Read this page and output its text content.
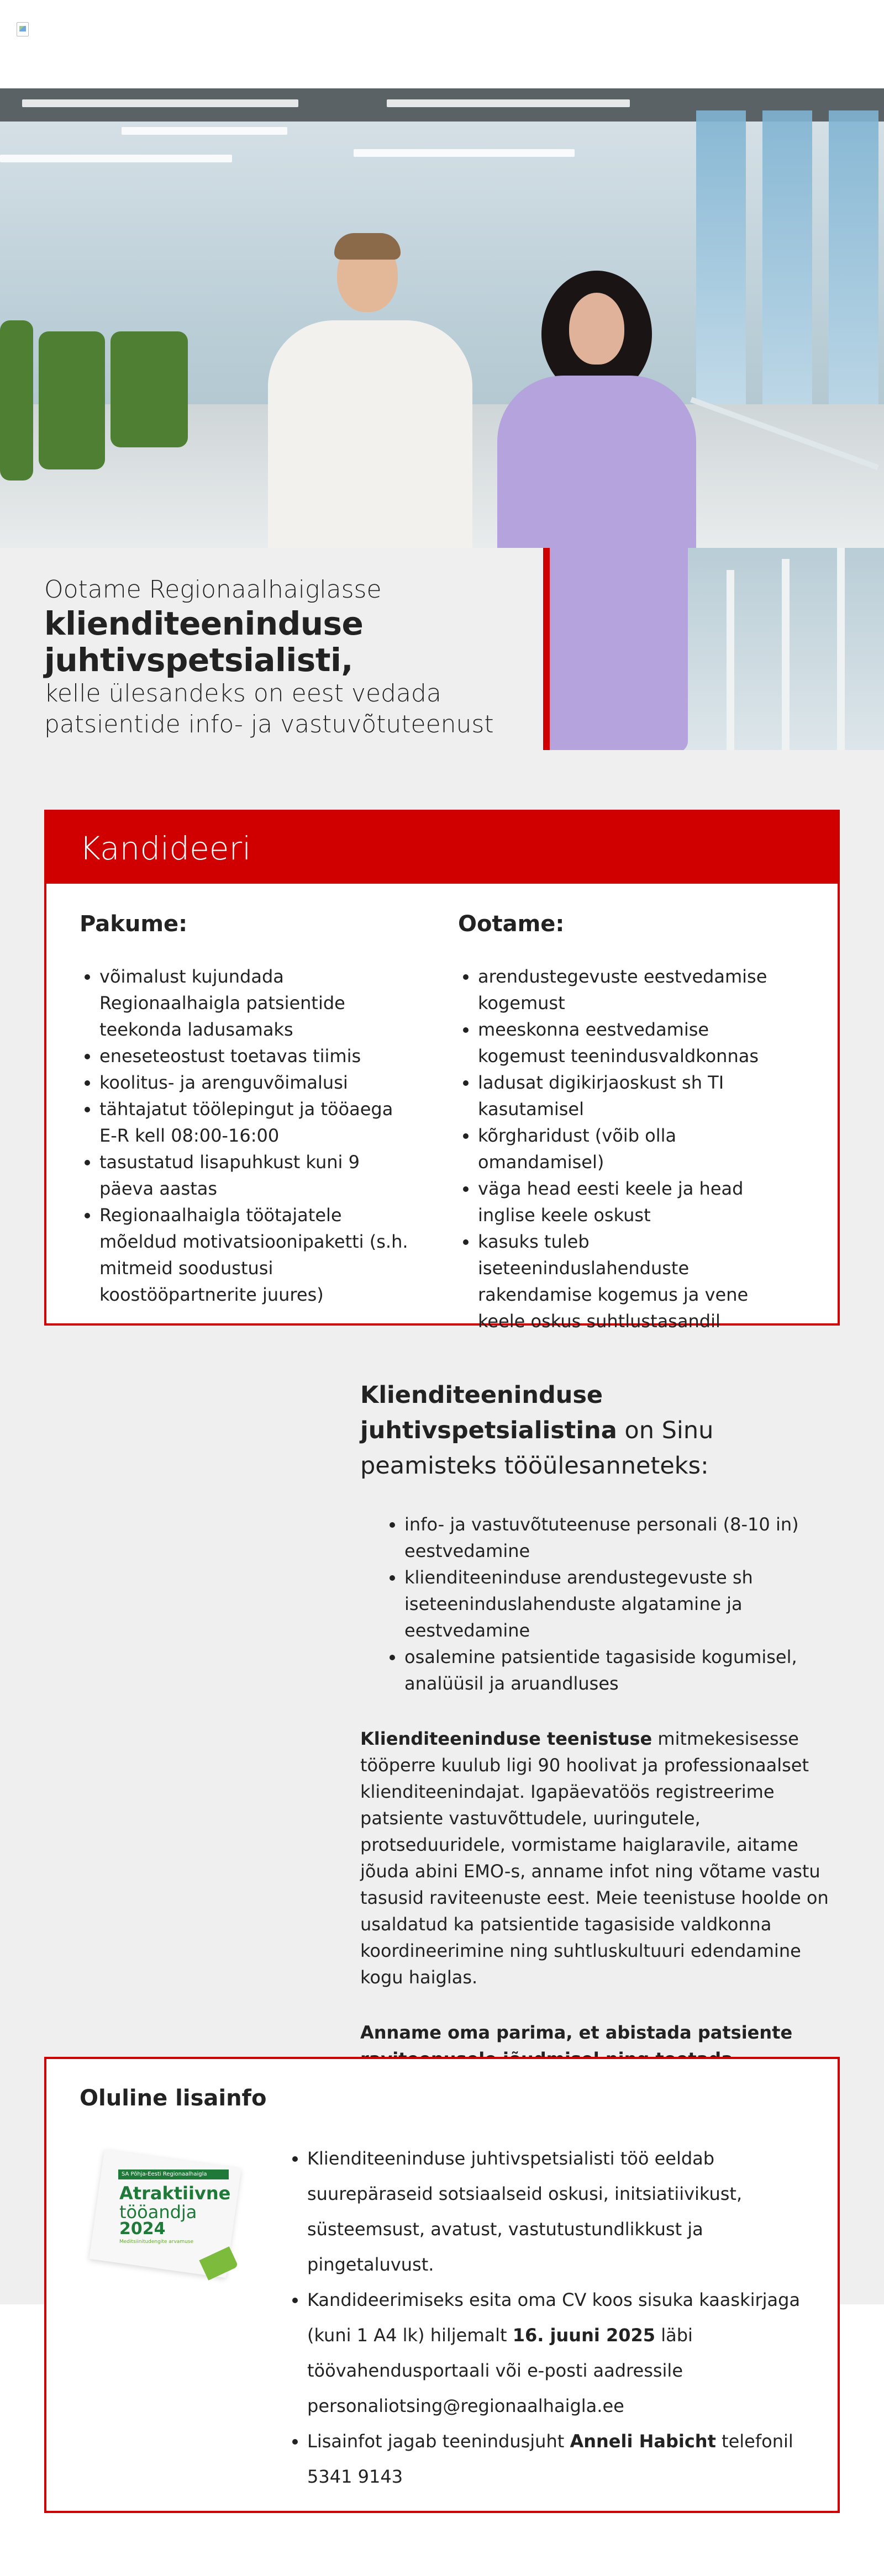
Ootame Regionaalhaiglasse
klienditeeninduse
juhtivspetsialisti,
kelle ülesandeks on eest vedada
patsientide info- ja vastuvõtuteenust
Kandideeri
Pakume:
• võimalust kujundada Regionaalhaigla patsientide teekonda ladusamaks
• eneseteostust toetavas tiimis
• koolitus- ja arenguvõimalusi
• tähtajatut töölepingut ja tööaega E-R kell 08:00-16:00
• tasustatud lisapuhkust kuni 9 päeva aastas
• Regionaalhaigla töötajatele mõeldud motivatsioonipaketti (s.h. mitmeid soodustusi koostööpartnerite juures)
Ootame:
• arendustegevuste eestvedamise kogemust
• meeskonna eestvedamise kogemust teenindusvaldkonnas
• ladusat digikirjaoskust sh TI kasutamisel
• kõrgharidust (võib olla omandamisel)
• väga head eesti keele ja head inglise keele oskust
• kasuks tuleb iseteeninduslahenduste rakendamise kogemus ja vene keele oskus suhtlustasandil
Klienditeeninduse juhtivspetsialistina on Sinu peamisteks tööülesanneteks:
• info- ja vastuvõtuteenuse personali (8-10 in) eestvedamine
• klienditeeninduse arendustegevuste sh iseteeninduslahenduste algatamine ja eestvedamine
• osalemine patsientide tagasiside kogumisel, analüüsil ja aruandluses

Klienditeeninduse teenistuse mitmekesisesse tööperre kuulub ligi 90 hoolivat ja professionaalset klienditeenindajat. Igapäevatöös registreerime patsiente vastuvõttudele, uuringutele, protseduuridele, vormistame haiglaravile, aitame jõuda abini EMO-s, anname infot ning võtame vastu tasusid raviteenuste eest. Meie teenistuse hoolde on usaldatud ka patsientide tagasiside valdkonna koordineerimine ning suhtluskultuuri edendamine kogu haiglas.

Anname oma parima, et abistada patsiente

Oluline lisainfo
SA Põhja-Eesti Regionaalhaigla
Atraktiivne
tööandja
2024
Meditsiinitudengite arvamuse
• Klienditeeninduse juhtivspetsialisti töö eeldab suurepäraseid sotsiaalseid oskusi, initsiatiivikust, süsteemsust, avatust, vastutustundlikkust ja pingetaluvust.
• Kandideerimiseks esita oma CV koos sisuka kaaskirjaga (kuni 1 A4 lk) hiljemalt 16. juuni 2025 läbi töövahendusportaali või e-posti aadressile personaliotsing@regionaalhaigla.ee
• Lisainfot jagab teenindusjuht Anneli Habicht telefonil 5341 9143
